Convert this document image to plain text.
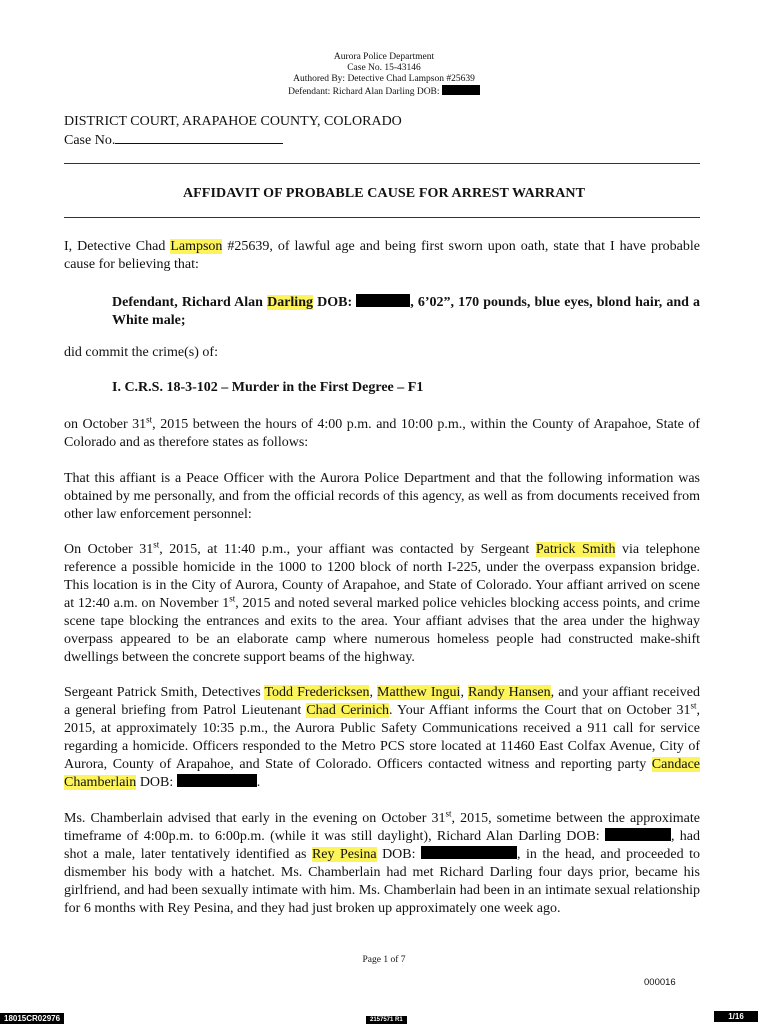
Aurora Police Department
Case No. 15-43146
Authored By: Detective Chad Lampson #25639
Defendant: Richard Alan Darling DOB:
DISTRICT COURT, ARAPAHOE COUNTY, COLORADO
Case No.
AFFIDAVIT OF PROBABLE CAUSE FOR ARREST WARRANT
I, Detective Chad Lampson #25639, of lawful age and being first sworn upon oath, state that I have probable cause for believing that:
Defendant, Richard Alan Darling DOB:	, 6’02”, 170 pounds, blue eyes, blond hair, and a White male;
did commit the crime(s) of:
I. C.R.S. 18-3-102 – Murder in the First Degree – F1
on October 31st, 2015 between the hours of 4:00 p.m. and 10:00 p.m., within the County of Arapahoe, State of Colorado and as therefore states as follows:
That this affiant is a Peace Officer with the Aurora Police Department and that the following information was obtained by me personally, and from the official records of this agency, as well as from documents received from other law enforcement personnel:
On October 31st, 2015, at 11:40 p.m., your affiant was contacted by Sergeant Patrick Smith via telephone reference a possible homicide in the 1000 to 1200 block of north I-225, under the overpass expansion bridge. This location is in the City of Aurora, County of Arapahoe, and State of Colorado. Your affiant arrived on scene at 12:40 a.m. on November 1st, 2015 and noted several marked police vehicles blocking access points, and crime scene tape blocking the entrances and exits to the area. Your affiant advises that the area under the highway overpass appeared to be an elaborate camp where numerous homeless people had constructed make-shift dwellings between the concrete support beams of the highway.
Sergeant Patrick Smith, Detectives Todd Fredericksen, Matthew Ingui, Randy Hansen, and your affiant received a general briefing from Patrol Lieutenant Chad Cerinich. Your Affiant informs the Court that on October 31st, 2015, at approximately 10:35 p.m., the Aurora Public Safety Communications received a 911 call for service regarding a homicide. Officers responded to the Metro PCS store located at 11460 East Colfax Avenue, City of Aurora, County of Arapahoe, and State of Colorado. Officers contacted witness and reporting party Candace Chamberlain DOB:	.
Ms. Chamberlain advised that early in the evening on October 31st, 2015, sometime between the approximate timeframe of 4:00p.m. to 6:00p.m. (while it was still daylight), Richard Alan Darling DOB:	, had shot a male, later tentatively identified as Rey Pesina DOB:	, in the head, and proceeded to dismember his body with a hatchet. Ms. Chamberlain had met Richard Darling four days prior, became his girlfriend, and had been sexually intimate with him. Ms. Chamberlain had been in an intimate sexual relationship for 6 months with Rey Pesina, and they had just broken up approximately one week ago.
Page 1 of 7
000016
18015CR02976	2157571 R1	1/16
